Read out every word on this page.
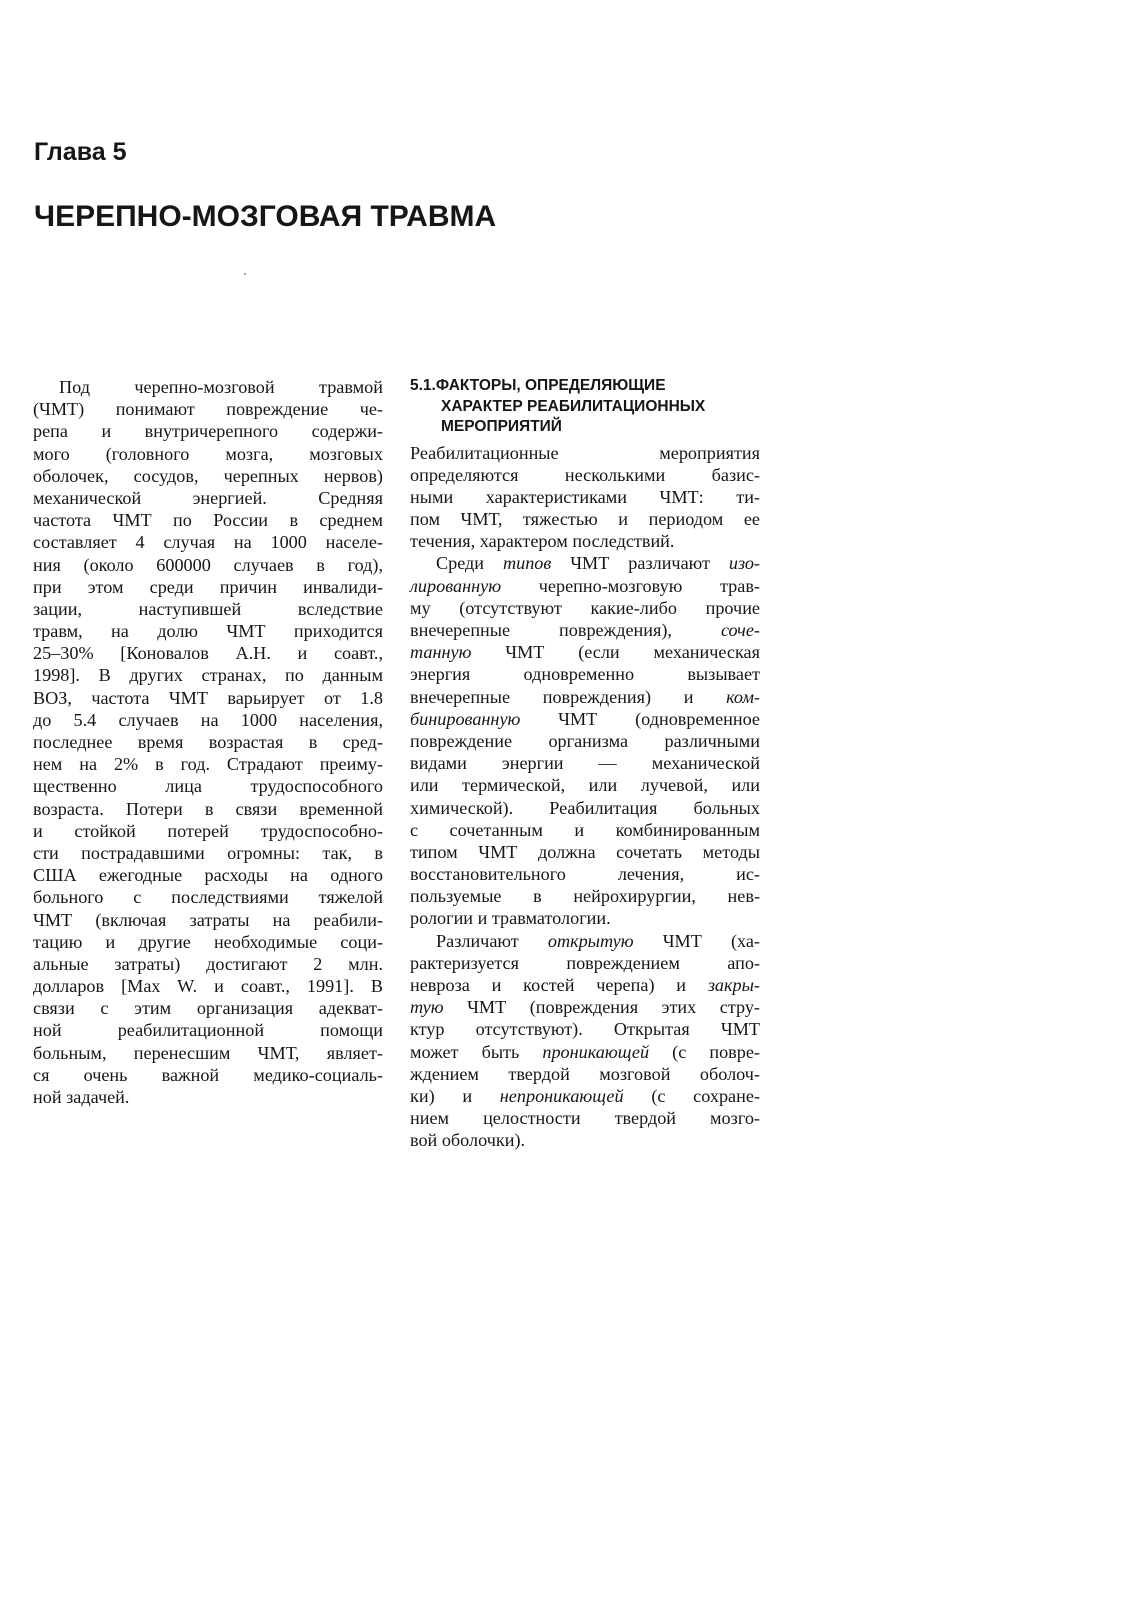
Глава 5
ЧЕРЕПНО-МОЗГОВАЯ ТРАВМА
Под черепно-мозговой травмой
(ЧМТ) понимают повреждение че-
репа и внутричерепного содержи-
мого (головного мозга, мозговых
оболочек, сосудов, черепных нервов)
механической энергией. Средняя
частота ЧМТ по России в среднем
составляет 4 случая на 1000 населе-
ния (около 600000 случаев в год),
при этом среди причин инвалиди-
зации, наступившей вследствие
травм, на долю ЧМТ приходится
25–30% [Коновалов А.Н. и соавт.,
1998]. В других странах, по данным
ВОЗ, частота ЧМТ варьирует от 1.8
до 5.4 случаев на 1000 населения,
последнее время возрастая в сред-
нем на 2% в год. Страдают преиму-
щественно лица трудоспособного
возраста. Потери в связи временной
и стойкой потерей трудоспособно-
сти пострадавшими огромны: так, в
США ежегодные расходы на одного
больного с последствиями тяжелой
ЧМТ (включая затраты на реабили-
тацию и другие необходимые соци-
альные затраты) достигают 2 млн.
долларов [Max W. и соавт., 1991]. В
связи с этим организация адекват-
ной реабилитационной помощи
больным, перенесшим ЧМТ, являет-
ся очень важной медико-социаль-
ной задачей.
5.1.ФАКТОРЫ, ОПРЕДЕЛЯЮЩИЕ
ХАРАКТЕР РЕАБИЛИТАЦИОННЫХ
МЕРОПРИЯТИЙ
Реабилитационные мероприятия
определяются несколькими базис-
ными характеристиками ЧМТ: ти-
пом ЧМТ, тяжестью и периодом ее
течения, характером последствий.
Среди типов ЧМТ различают изо-
лированную черепно-мозговую трав-
му (отсутствуют какие-либо прочие
внечерепные повреждения), соче-
танную ЧМТ (если механическая
энергия одновременно вызывает
внечерепные повреждения) и ком-
бинированную ЧМТ (одновременное
повреждение организма различными
видами энергии — механической
или термической, или лучевой, или
химической). Реабилитация больных
с сочетанным и комбинированным
типом ЧМТ должна сочетать методы
восстановительного лечения, ис-
пользуемые в нейрохирургии, нев-
рологии и травматологии.
Различают открытую ЧМТ (ха-
рактеризуется повреждением апо-
невроза и костей черепа) и закры-
тую ЧМТ (повреждения этих стру-
ктур отсутствуют). Открытая ЧМТ
может быть проникающей (с повре-
ждением твердой мозговой оболоч-
ки) и непроникающей (с сохране-
нием целостности твердой мозго-
вой оболочки).
